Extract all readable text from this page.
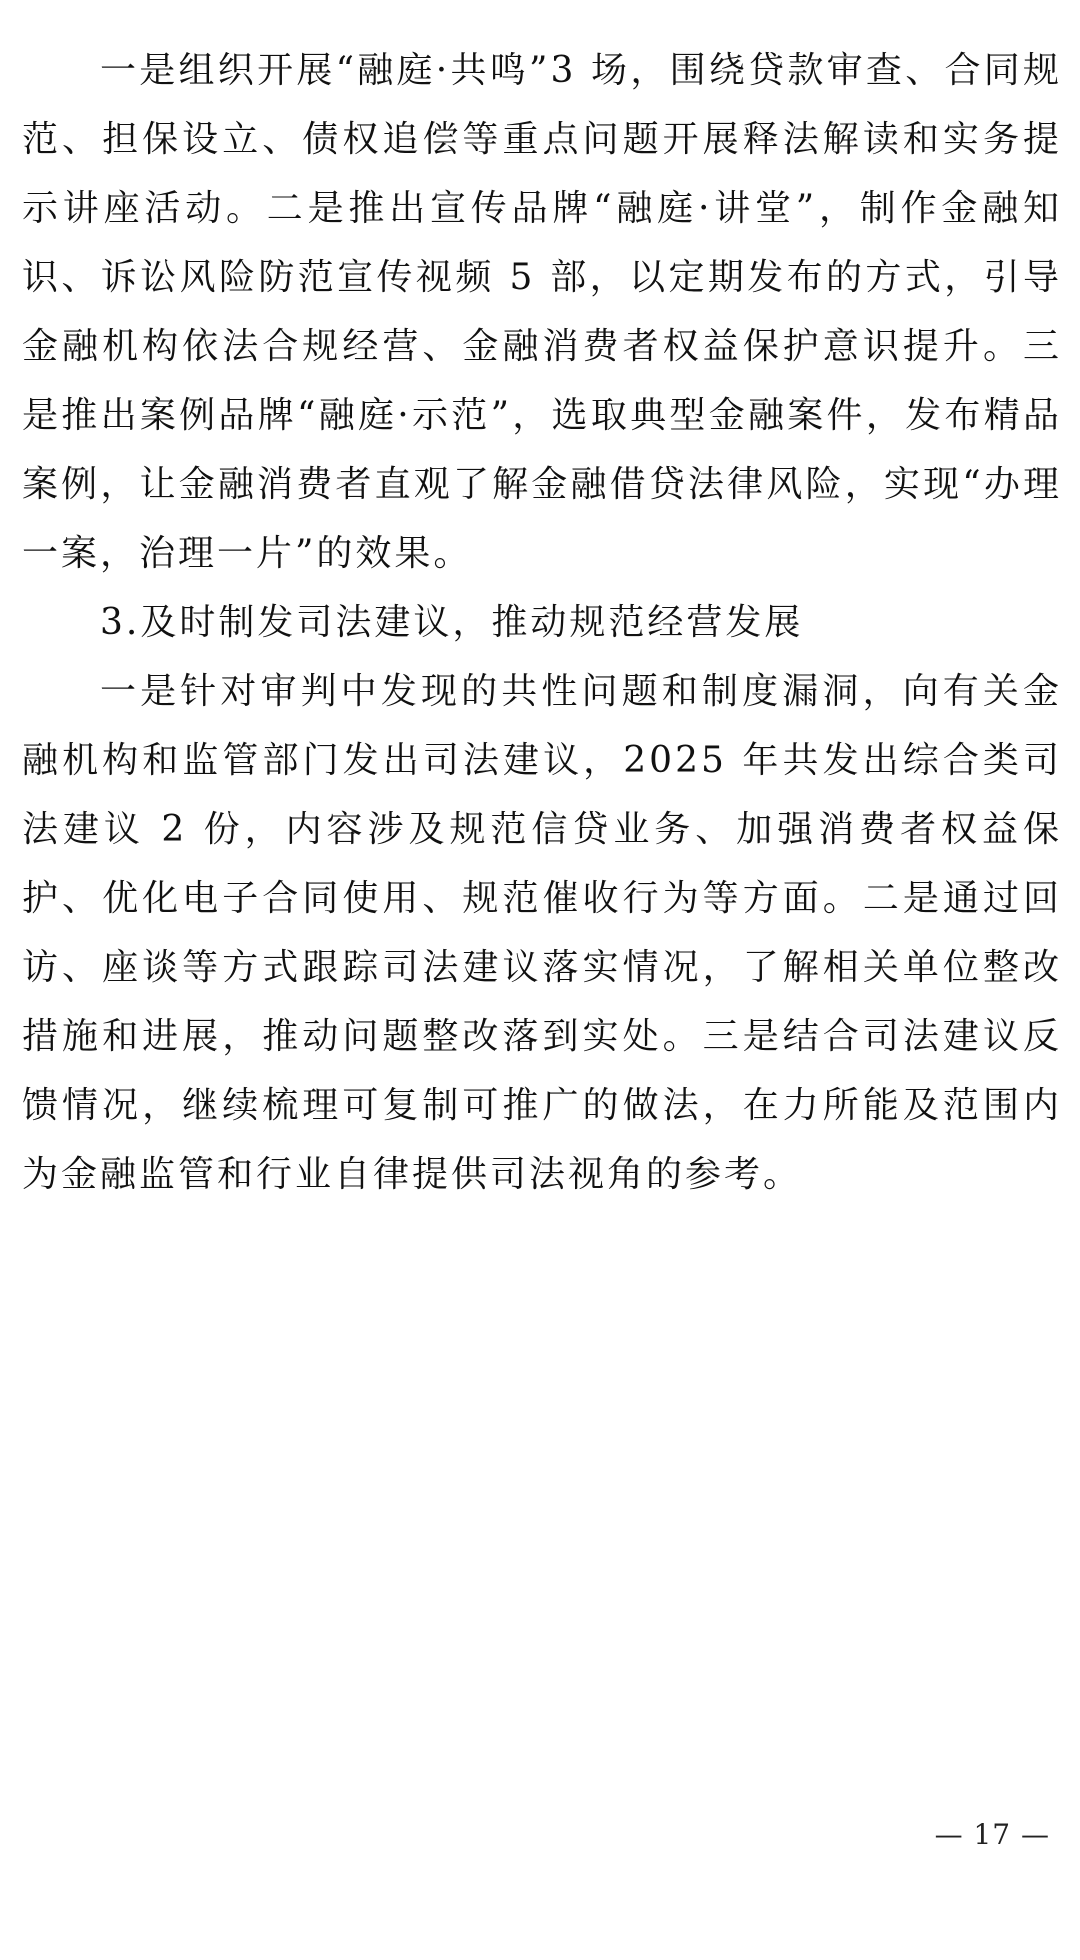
一是组织开展“融庭·共鸣”3 场，围绕贷款审查、合同规范、担保设立、债权追偿等重点问题开展释法解读和实务提示讲座活动。二是推出宣传品牌“融庭·讲堂”，制作金融知识、诉讼风险防范宣传视频 5 部，以定期发布的方式，引导金融机构依法合规经营、金融消费者权益保护意识提升。三是推出案例品牌“融庭·示范”，选取典型金融案件，发布精品案例，让金融消费者直观了解金融借贷法律风险，实现“办理一案，治理一片”的效果。

3.及时制发司法建议，推动规范经营发展

一是针对审判中发现的共性问题和制度漏洞，向有关金融机构和监管部门发出司法建议，2025 年共发出综合类司法建议 2 份，内容涉及规范信贷业务、加强消费者权益保护、优化电子合同使用、规范催收行为等方面。二是通过回访、座谈等方式跟踪司法建议落实情况，了解相关单位整改措施和进展，推动问题整改落到实处。三是结合司法建议反馈情况，继续梳理可复制可推广的做法，在力所能及范围内为金融监管和行业自律提供司法视角的参考。

— 17 —
